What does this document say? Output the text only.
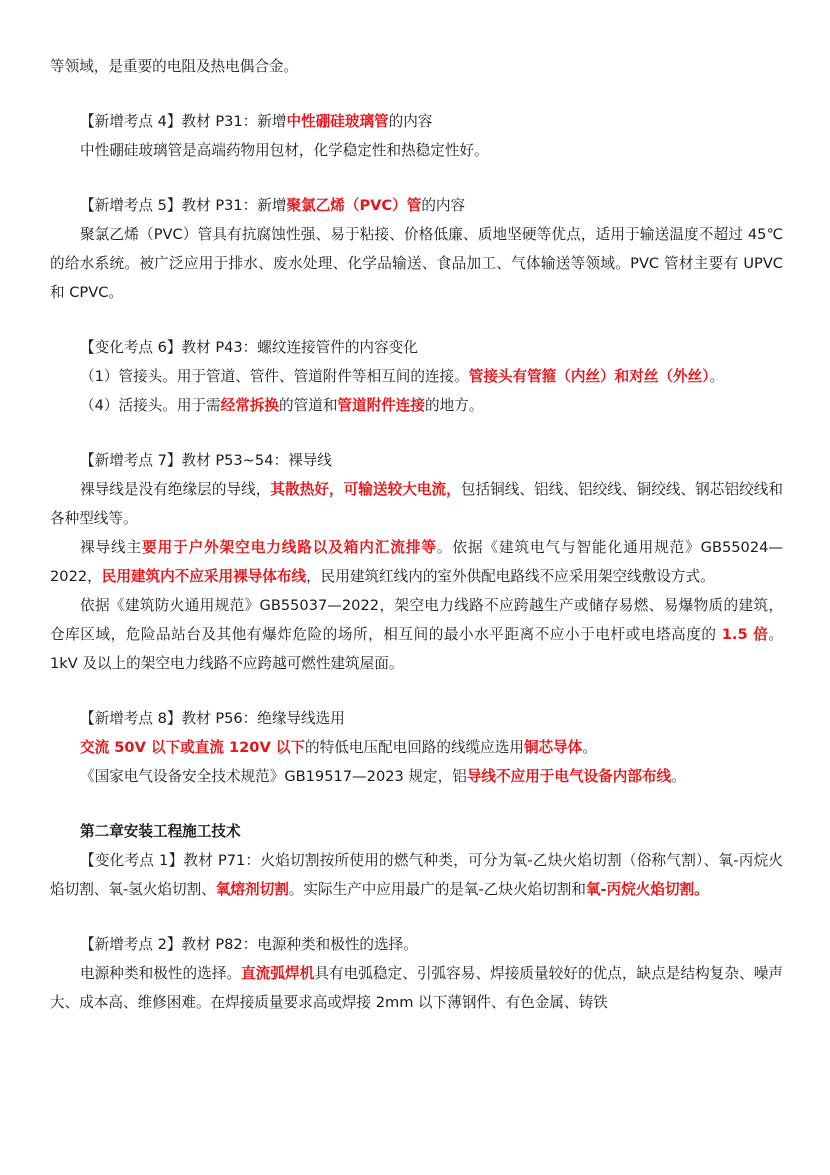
等领域，是重要的电阻及热电偶合金。

【新增考点 4】教材 P31：新增中性硼硅玻璃管的内容

中性硼硅玻璃管是高端药物用包材，化学稳定性和热稳定性好。

【新增考点 5】教材 P31：新增聚氯乙烯（PVC）管的内容

聚氯乙烯（PVC）管具有抗腐蚀性强、易于粘接、价格低廉、质地坚硬等优点，适用于输送温度不超过 45℃的给水系统。被广泛应用于排水、废水处理、化学品输送、食品加工、气体输送等领域。PVC 管材主要有 UPVC 和 CPVC。

【变化考点 6】教材 P43：螺纹连接管件的内容变化

（1）管接头。用于管道、管件、管道附件等相互间的连接。管接头有管箍（内丝）和对丝（外丝）。

（4）活接头。用于需经常拆换的管道和管道附件连接的地方。

【新增考点 7】教材 P53~54：裸导线

裸导线是没有绝缘层的导线，其散热好，可输送较大电流，包括铜线、铝线、铝绞线、铜绞线、钢芯铝绞线和各种型线等。

裸导线主要用于户外架空电力线路以及箱内汇流排等。依据《建筑电气与智能化通用规范》GB55024—2022，民用建筑内不应采用裸导体布线，民用建筑红线内的室外供配电路线不应采用架空线敷设方式。

依据《建筑防火通用规范》GB55037—2022，架空电力线路不应跨越生产或储存易燃、易爆物质的建筑，仓库区域，危险品站台及其他有爆炸危险的场所，相互间的最小水平距离不应小于电杆或电塔高度的 1.5 倍。1kV 及以上的架空电力线路不应跨越可燃性建筑屋面。

【新增考点 8】教材 P56：绝缘导线选用

交流 50V 以下或直流 120V 以下的特低电压配电回路的线缆应选用铜芯导体。

《国家电气设备安全技术规范》GB19517—2023 规定，铝导线不应用于电气设备内部布线。

第二章安装工程施工技术

【变化考点 1】教材 P71：火焰切割按所使用的燃气种类，可分为氧-乙炔火焰切割（俗称气割）、氧-丙烷火焰切割、氧-氢火焰切割、氧熔剂切割。实际生产中应用最广的是氧-乙炔火焰切割和氧-丙烷火焰切割。

【新增考点 2】教材 P82：电源种类和极性的选择。

电源种类和极性的选择。直流弧焊机具有电弧稳定、引弧容易、焊接质量较好的优点，缺点是结构复杂、噪声大、成本高、维修困难。在焊接质量要求高或焊接 2mm 以下薄钢件、有色金属、铸铁
